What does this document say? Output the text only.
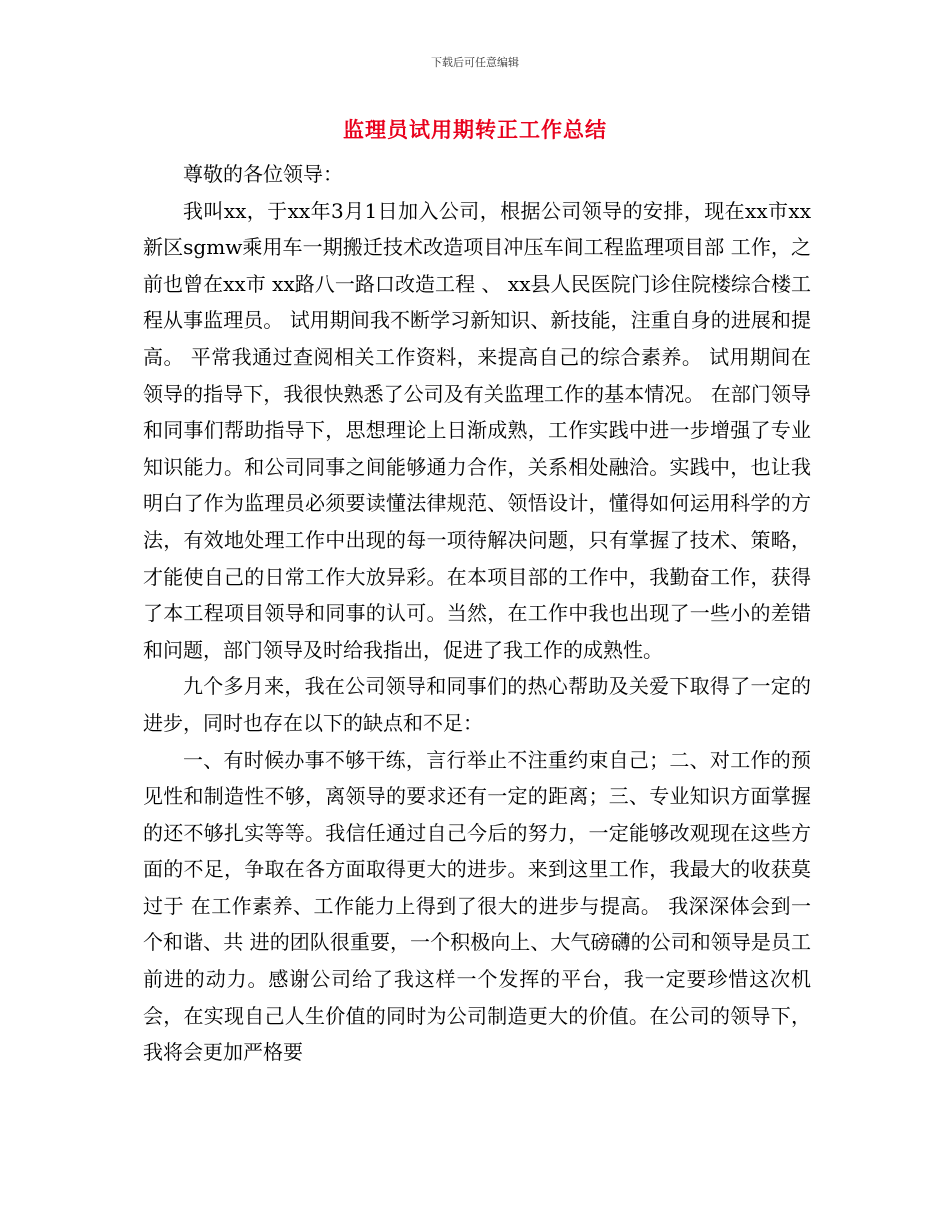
下载后可任意编辑
监理员试用期转正工作总结

尊敬的各位领导：

我叫xx，于xx年3月1日加入公司，根据公司领导的安排，现在xx市xx新区sgmw乘用车一期搬迁技术改造项目冲压车间工程监理项目部 工作，之前也曾在xx市 xx路八一路口改造工程 、 xx县人民医院门诊住院楼综合楼工程从事监理员。 试用期间我不断学习新知识、新技能，注重自身的进展和提高。 平常我通过查阅相关工作资料，来提高自己的综合素养。 试用期间在领导的指导下，我很快熟悉了公司及有关监理工作的基本情况。 在部门领导和同事们帮助指导下，思想理论上日渐成熟，工作实践中进一步增强了专业知识能力。和公司同事之间能够通力合作，关系相处融洽。实践中，也让我明白了作为监理员必须要读懂法律规范、领悟设计，懂得如何运用科学的方法，有效地处理工作中出现的每一项待解决问题，只有掌握了技术、策略，才能使自己的日常工作大放异彩。在本项目部的工作中，我勤奋工作，获得了本工程项目领导和同事的认可。当然，在工作中我也出现了一些小的差错和问题，部门领导及时给我指出，促进了我工作的成熟性。

九个多月来，我在公司领导和同事们的热心帮助及关爱下取得了一定的进步，同时也存在以下的缺点和不足：

一、有时候办事不够干练，言行举止不注重约束自己；二、对工作的预见性和制造性不够，离领导的要求还有一定的距离；三、专业知识方面掌握的还不够扎实等等。我信任通过自己今后的努力，一定能够改观现在这些方面的不足，争取在各方面取得更大的进步。来到这里工作，我最大的收获莫过于 在工作素养、工作能力上得到了很大的进步与提高。 我深深体会到一 个和谐、共 进的团队很重要，一个积极向上、大气磅礴的公司和领导是员工前进的动力。感谢公司给了我这样一个发挥的平台，我一定要珍惜这次机会，在实现自己人生价值的同时为公司制造更大的价值。在公司的领导下，我将会更加严格要
